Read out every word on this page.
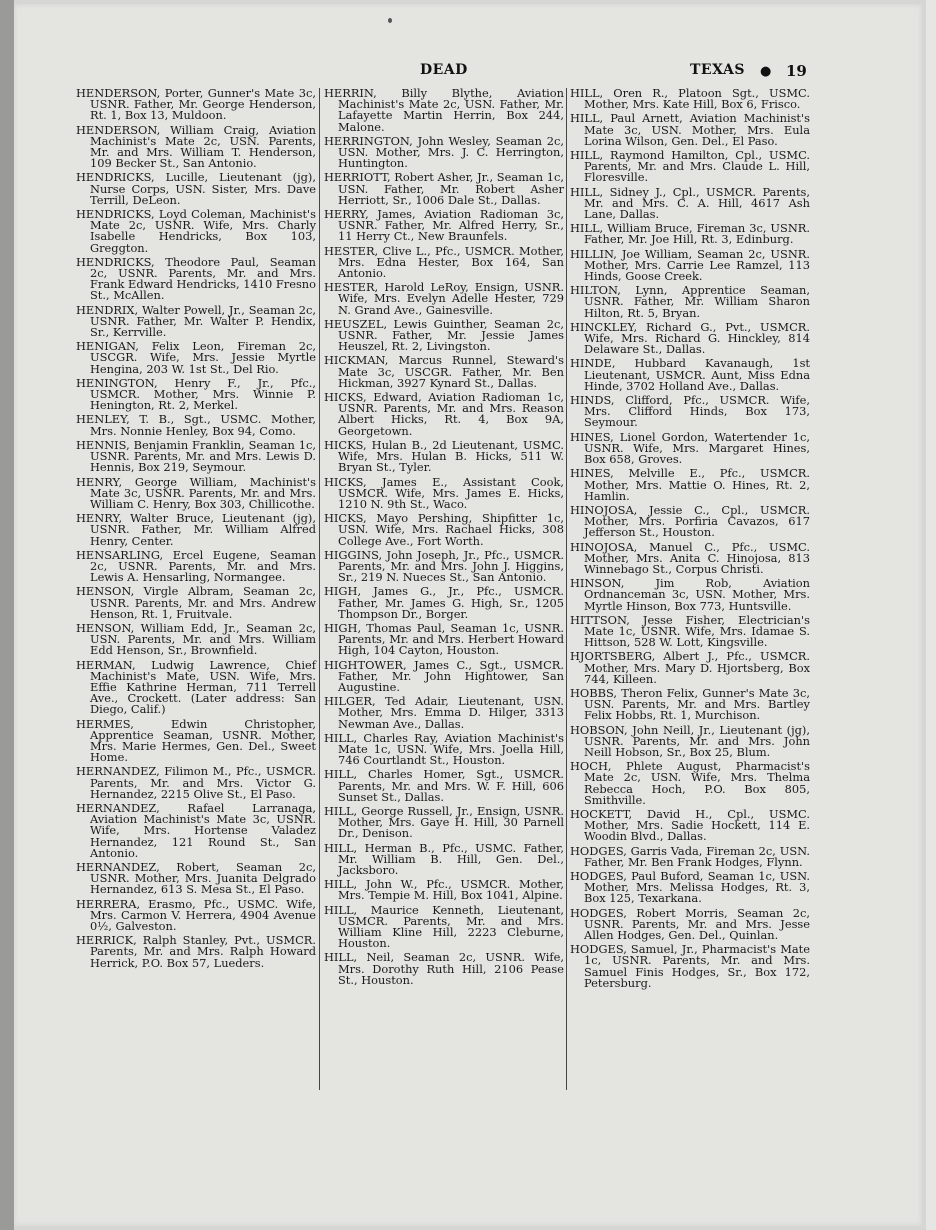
DEAD	TEXAS ● 19

HENDERSON, Porter, Gunner's Mate 3c, USNR. Father, Mr. George Henderson, Rt. 1, Box 13, Muldoon.

HENDERSON, William Craig, Aviation Machinist's Mate 2c, USN. Parents, Mr. and Mrs. William T. Henderson, 109 Becker St., San Antonio.

HENDRICKS, Lucille, Lieutenant (jg), Nurse Corps, USN. Sister, Mrs. Dave Terrill, DeLeon.

HENDRICKS, Loyd Coleman, Machinist's Mate 2c, USNR. Wife, Mrs. Charly Isabelle Hendricks, Box 103, Greggton.

HENDRICKS, Theodore Paul, Seaman 2c, USNR. Parents, Mr. and Mrs. Frank Edward Hendricks, 1410 Fresno St., McAllen.

HENDRIX, Walter Powell, Jr., Seaman 2c, USNR. Father, Mr. Walter P. Hendix, Sr., Kerrville.

HENIGAN, Felix Leon, Fireman 2c, USCGR. Wife, Mrs. Jessie Myrtle Hengina, 203 W. 1st St., Del Rio.

HENINGTON, Henry F., Jr., Pfc., USMCR. Mother, Mrs. Winnie P. Henington, Rt. 2, Merkel.

HENLEY, T. B., Sgt., USMC. Mother, Mrs. Nonnie Henley, Box 94, Como.

HENNIS, Benjamin Franklin, Seaman 1c, USNR. Parents, Mr. and Mrs. Lewis D. Hennis, Box 219, Seymour.

HENRY, George William, Machinist's Mate 3c, USNR. Parents, Mr. and Mrs. William C. Henry, Box 303, Chillicothe.

HENRY, Walter Bruce, Lieutenant (jg), USNR. Father, Mr. William Alfred Henry, Center.

HENSARLING, Ercel Eugene, Seaman 2c, USNR. Parents, Mr. and Mrs. Lewis A. Hensarling, Normangee.

HENSON, Virgle Albram, Seaman 2c, USNR. Parents, Mr. and Mrs. Andrew Henson, Rt. 1, Fruitvale.

HENSON, William Edd, Jr., Seaman 2c, USN. Parents, Mr. and Mrs. William Edd Henson, Sr., Brownfield.

HERMAN, Ludwig Lawrence, Chief Machinist's Mate, USN. Wife, Mrs. Effie Kathrine Herman, 711 Terrell Ave., Crockett. (Later address: San Diego, Calif.)

HERMES, Edwin Christopher, Apprentice Seaman, USNR. Mother, Mrs. Marie Hermes, Gen. Del., Sweet Home.

HERNANDEZ, Filimon M., Pfc., USMCR. Parents, Mr. and Mrs. Victor G. Hernandez, 2215 Olive St., El Paso.

HERNANDEZ, Rafael Larranaga, Aviation Machinist's Mate 3c, USNR. Wife, Mrs. Hortense Valadez Hernandez, 121 Round St., San Antonio.

HERNANDEZ, Robert, Seaman 2c, USNR. Mother, Mrs. Juanita Delgrado Hernandez, 613 S. Mesa St., El Paso.

HERRERA, Erasmo, Pfc., USMC. Wife, Mrs. Carmon V. Herrera, 4904 Avenue 0½, Galveston.

HERRICK, Ralph Stanley, Pvt., USMCR. Parents, Mr. and Mrs. Ralph Howard Herrick, P.O. Box 57, Lueders.

HERRIN, Billy Blythe, Aviation Machinist's Mate 2c, USN. Father, Mr. Lafayette Martin Herrin, Box 244, Malone.

HERRINGTON, John Wesley, Seaman 2c, USN. Mother, Mrs. J. C. Herrington, Huntington.

HERRIOTT, Robert Asher, Jr., Seaman 1c, USN. Father, Mr. Robert Asher Herriott, Sr., 1006 Dale St., Dallas.

HERRY, James, Aviation Radioman 3c, USNR. Father, Mr. Alfred Herry, Sr., 11 Herry Ct., New Braunfels.

HESTER, Clive L., Pfc., USMCR. Mother, Mrs. Edna Hester, Box 164, San Antonio.

HESTER, Harold LeRoy, Ensign, USNR. Wife, Mrs. Evelyn Adelle Hester, 729 N. Grand Ave., Gainesville.

HEUSZEL, Lewis Guinther, Seaman 2c, USNR. Father, Mr. Jessie James Heuszel, Rt. 2, Livingston.

HICKMAN, Marcus Runnel, Steward's Mate 3c, USCGR. Father, Mr. Ben Hickman, 3927 Kynard St., Dallas.

HICKS, Edward, Aviation Radioman 1c, USNR. Parents, Mr. and Mrs. Reason Albert Hicks, Rt. 4, Box 9A, Georgetown.

HICKS, Hulan B., 2d Lieutenant, USMC. Wife, Mrs. Hulan B. Hicks, 511 W. Bryan St., Tyler.

HICKS, James E., Assistant Cook, USMCR. Wife, Mrs. James E. Hicks, 1210 N. 9th St., Waco.

HICKS, Mayo Pershing, Shipfitter 1c, USN. Wife, Mrs. Rachael Hicks, 308 College Ave., Fort Worth.

HIGGINS, John Joseph, Jr., Pfc., USMCR. Parents, Mr. and Mrs. John J. Higgins, Sr., 219 N. Nueces St., San Antonio.

HIGH, James G., Jr., Pfc., USMCR. Father, Mr. James G. High, Sr., 1205 Thompson Dr., Borger.

HIGH, Thomas Paul, Seaman 1c, USNR. Parents, Mr. and Mrs. Herbert Howard High, 104 Cayton, Houston.

HIGHTOWER, James C., Sgt., USMCR. Father, Mr. John Hightower, San Augustine.

HILGER, Ted Adair, Lieutenant, USN. Mother, Mrs. Emma D. Hilger, 3313 Newman Ave., Dallas.

HILL, Charles Ray, Aviation Machinist's Mate 1c, USN. Wife, Mrs. Joella Hill, 746 Courtlandt St., Houston.

HILL, Charles Homer, Sgt., USMCR. Parents, Mr. and Mrs. W. F. Hill, 606 Sunset St., Dallas.

HILL, George Russell, Jr., Ensign, USNR. Mother, Mrs. Gaye H. Hill, 30 Parnell Dr., Denison.

HILL, Herman B., Pfc., USMC. Father, Mr. William B. Hill, Gen. Del., Jacksboro.

HILL, John W., Pfc., USMCR. Mother, Mrs. Tempie M. Hill, Box 1041, Alpine.

HILL, Maurice Kenneth, Lieutenant, USMCR. Parents, Mr. and Mrs. William Kline Hill, 2223 Cleburne, Houston.

HILL, Neil, Seaman 2c, USNR. Wife, Mrs. Dorothy Ruth Hill, 2106 Pease St., Houston.

HILL, Oren R., Platoon Sgt., USMC. Mother, Mrs. Kate Hill, Box 6, Frisco.

HILL, Paul Arnett, Aviation Machinist's Mate 3c, USN. Mother, Mrs. Eula Lorina Wilson, Gen. Del., El Paso.

HILL, Raymond Hamilton, Cpl., USMC. Parents, Mr. and Mrs. Claude L. Hill, Floresville.

HILL, Sidney J., Cpl., USMCR. Parents, Mr. and Mrs. C. A. Hill, 4617 Ash Lane, Dallas.

HILL, William Bruce, Fireman 3c, USNR. Father, Mr. Joe Hill, Rt. 3, Edinburg.

HILLIN, Joe William, Seaman 2c, USNR. Mother, Mrs. Carrie Lee Ramzel, 113 Hinds, Goose Creek.

HILTON, Lynn, Apprentice Seaman, USNR. Father, Mr. William Sharon Hilton, Rt. 5, Bryan.

HINCKLEY, Richard G., Pvt., USMCR. Wife, Mrs. Richard G. Hinckley, 814 Delaware St., Dallas.

HINDE, Hubbard Kavanaugh, 1st Lieutenant, USMCR. Aunt, Miss Edna Hinde, 3702 Holland Ave., Dallas.

HINDS, Clifford, Pfc., USMCR. Wife, Mrs. Clifford Hinds, Box 173, Seymour.

HINES, Lionel Gordon, Watertender 1c, USNR. Wife, Mrs. Margaret Hines, Box 658, Groves.

HINES, Melville E., Pfc., USMCR. Mother, Mrs. Mattie O. Hines, Rt. 2, Hamlin.

HINOJOSA, Jessie C., Cpl., USMCR. Mother, Mrs. Porfiria Cavazos, 617 Jefferson St., Houston.

HINOJOSA, Manuel C., Pfc., USMC. Mother, Mrs. Anita C. Hinojosa, 813 Winnebago St., Corpus Christi.

HINSON, Jim Rob, Aviation Ordnanceman 3c, USN. Mother, Mrs. Myrtle Hinson, Box 773, Huntsville.

HITTSON, Jesse Fisher, Electrician's Mate 1c, USNR. Wife, Mrs. Idamae S. Hittson, 528 W. Lott, Kingsville.

HJORTSBERG, Albert J., Pfc., USMCR. Mother, Mrs. Mary D. Hjortsberg, Box 744, Killeen.

HOBBS, Theron Felix, Gunner's Mate 3c, USN. Parents, Mr. and Mrs. Bartley Felix Hobbs, Rt. 1, Murchison.

HOBSON, John Neill, Jr., Lieutenant (jg), USNR. Parents, Mr. and Mrs. John Neill Hobson, Sr., Box 25, Blum.

HOCH, Phlete August, Pharmacist's Mate 2c, USN. Wife, Mrs. Thelma Rebecca Hoch, P.O. Box 805, Smithville.

HOCKETT, David H., Cpl., USMC. Mother, Mrs. Sadie Hockett, 114 E. Woodin Blvd., Dallas.

HODGES, Garris Vada, Fireman 2c, USN. Father, Mr. Ben Frank Hodges, Flynn.

HODGES, Paul Buford, Seaman 1c, USN. Mother, Mrs. Melissa Hodges, Rt. 3, Box 125, Texarkana.

HODGES, Robert Morris, Seaman 2c, USNR. Parents, Mr. and Mrs. Jesse Allen Hodges, Gen. Del., Quinlan.

HODGES, Samuel, Jr., Pharmacist's Mate 1c, USNR. Parents, Mr. and Mrs. Samuel Finis Hodges, Sr., Box 172, Petersburg.
